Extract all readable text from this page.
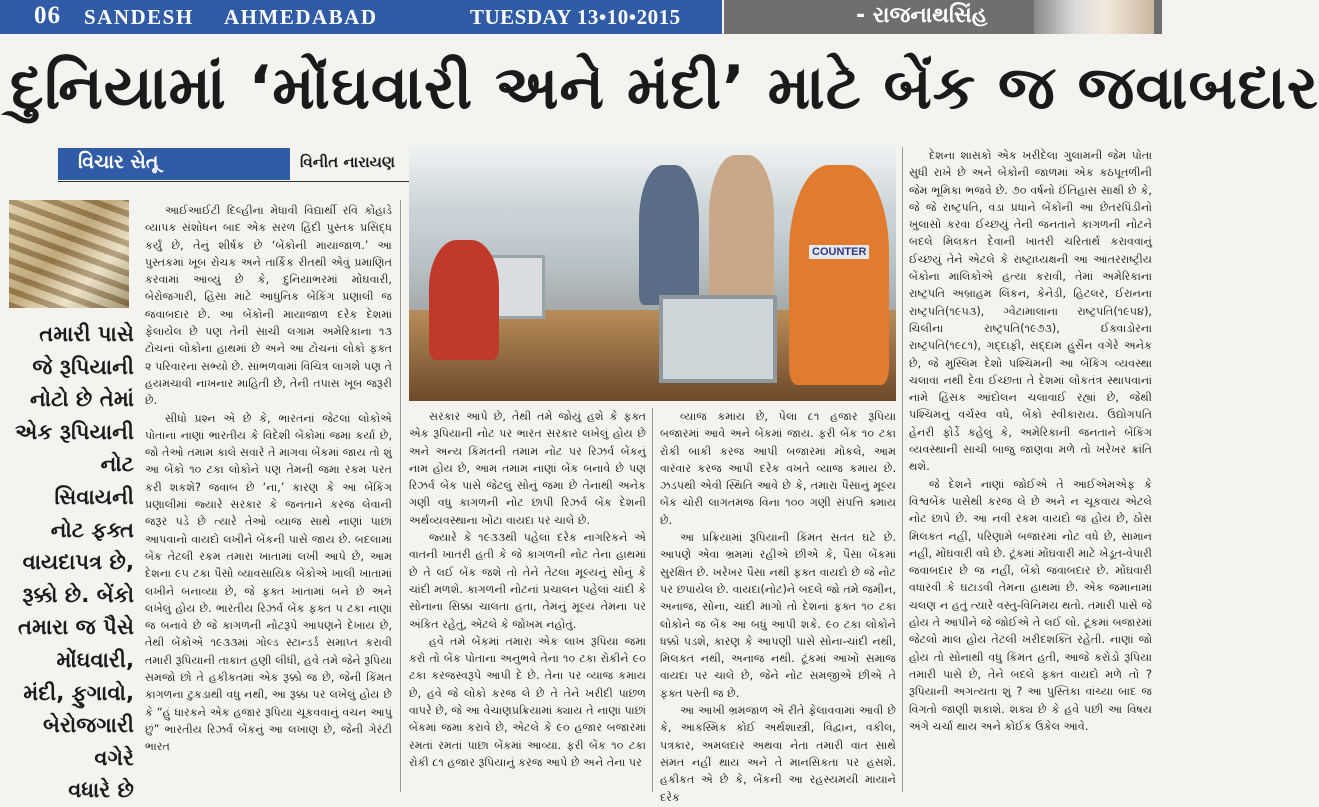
06 SANDESH AHMEDABAD	TUESDAY 13•10•2015	- રાજનાથસિંહ
દુનિયામાં ‘મોંઘવારી અને મંદી’ માટે બેંક જ જવાબદાર
વિચાર સેતૂ	વિનીત નારાયણ
COUNTER
તમારી પાસે
જે રૂપિયાની
નોટો છે તેમાં
એક રૂપિયાની
નોટ
સિવાયની
નોટ ફક્ત
વાયદાપત્ર છે,
રૂક્કો છે. બેંકો
તમારા જ પૈસે
મોંઘવારી,
મંદી, ફુગાવો,
બેરોજગારી
વગેરે
વધારે છે

આઈઆઈટી દિલ્હીના મેધાવી વિદ્યાર્થી રવિ કોહાડે વ્યાપક સંશોધન બાદ એક સરળ હિંદી પુસ્તક પ્રસિદ્ધ કર્યું છે, તેનું શીર્ષક છે ‘બેંકોની માયાજાળ.’ આ પુસ્તકમાં ખૂબ રોચક અને તાર્કિક રીતથી એવું પ્રમાણિત કરવામાં આવ્યું છે કે, દુનિયાભરમાં મોંઘવારી, બેરોજગારી, હિંસા માટે આધુનિક બેંકિંગ પ્રણાલી જ જવાબદાર છે. આ બેંકોની માયાજાળ દરેક દેશમાં ફેલાયેલ છે પણ તેની સાચી લગામ અમેરિકાના ૧૩ ટોચનાં લોકોના હાથમાં છે અને આ ટોચનાં લોકો ફક્ત ૨ પરિવારના સભ્યો છે. સાંભળવામાં વિચિત્ર લાગશે પણ તે હયમચાવી નાખનાર માહિતી છે, તેની તપાસ ખૂબ જરૂરી છે.

સીધો પ્રશ્ન એ છે કે, ભારતનાં જેટલાં લોકોએ પોતાનાં નાણાં ભારતીય કે વિદેશી બેંકોમાં જમા કર્યા છે, જો તેઓ તમામ કાલે સવારે તે માગવા બેંકમાં જાય તો શું આ બેંકો ૧૦ ટકા લોકોને પણ તેમની જમા રકમ પરત કરી શકશે? જવાબ છે ‘ના,’ કારણ કે આ બેંકિંગ પ્રણાલીમાં જ્યારે સરકાર કે જનતાને કરજ લેવાની જરૂર પડે છે ત્યારે તેઓ વ્યાજ સાથે નાણાં પાછાં આપવાનો વાયદો લખીને બેંકની પાસે જાય છે. બદલામાં બેંક તેટલી રકમ તમારા ખાતામાં લખી આપે છે, આમ દેશના ૯૫ ટકા પૈસો વ્યાવસાયિક બેંકોએ ખાલી ખાતામાં લખીને બનાવ્યા છે, જે ફક્ત ખાતામાં બને છે અને લખેલું હોય છે. ભારતીય રિઝર્વ બેંક ફક્ત ૫ ટકા નાણાં જ બનાવે છે જે કાગળની નોટરૂપે આપણને દેખાય છે, તેથી બેંકોએ ૧૯૩૩માં ગોલ્ડ સ્ટાન્ડર્ડ સમાપ્ત કરાવી તમારી રૂપિયાની તાકાત હણી લીધી, હવે તમે જેને રૂપિયા સમજો છો તે હકીકતમાં એક રૂક્કો જ છે, જેની કિંમત કાગળના ટુકડાથી વધુ નથી, આ રૂક્કા પર લખેલું હોય છે કે “હું ધારકને એક હજાર રૂપિયા ચૂકવવાનું વચન આપું છું” ભારતીય રિઝર્વ બેંકનું આ લખાણ છે, જેની ગેરંટી ભારત

સરકાર આપે છે, તેથી તમે જોયું હશે કે ફક્ત એક રૂપિયાની નોટ પર ભારત સરકાર લખેલું હોય છે અને અન્ય કિંમતની તમામ નોટ પર રિઝર્વ બેંકનું નામ હોય છે, આમ તમામ નાણાં બેંક બનાવે છે પણ રિઝર્વ બેંક પાસે જેટલું સોનું જમા છે તેનાથી અનેક ગણી વધુ કાગળની નોટ છાપી રિઝર્વ બેંક દેશની અર્થવ્યવસ્થાના ખોટા વાયદા પર ચાલે છે.

જ્યારે કે ૧૯૩૩થી પહેલાં દરેક નાગરિકને એ વાતની ખાતરી હતી કે જે કાગળની નોટ તેના હાથમાં છે તે લઈ બેંક જશે તો તેને તેટલા મૂલ્યનું સોનું કે ચાંદી મળશે. કાગળની નોટનાં પ્રચાલન પહેલાં ચાંદી કે સોનાના સિક્કા ચાલતા હતા, તેમનું મૂલ્ય તેમના પર અંકિત રહેતું, એટલે કે જોખમ નહોતું.

હવે તમે બેંકમાં તમારા એક લાખ રૂપિયા જમા કરો તો બેંક પોતાના અનુભવે તેના ૧૦ ટકા રોકીને ૯૦ ટકા કરજસ્વરૂપે આપી દે છે. તેના પર વ્યાજ કમાય છે, હવે જે લોકો કરજ લે છે તે તેને ખરીદી પાછળ વાપરે છે, જે આ વેચાણપ્રક્રિયામાં ક્યાય તે નાણાં પાછાં બેંકમાં જમા કરાવે છે, એટલે કે ૯૦ હજાર બજારમાં રમતાં રમતાં પાછા બેંકમાં આવ્યા. ફરી બેંક ૧૦ ટકા રોકી ૮૧ હજાર રૂપિયાનું કરજ આપે છે અને તેના પર

વ્યાજ કમાય છે, પેલા ૮૧ હજાર રૂપિયા બજારમાં આવે અને બેંકમાં જાય. ફરી બેંક ૧૦ ટકા રોકી બાકી કરજ આપી બજારમાં મોકલે, આમ વારંવાર કરજ આપી દરેક વખતે વ્યાજ કમાય છે. ઝડપથી એવી સ્થિતિ આવે છે કે, તમારા પૈસાનું મૂલ્ય બેંક ચોરી લાગતમજ વિના ૧૦૦ ગણી સંપત્તિ ક્માય છે.

આ પ્રક્રિયામાં રૂપિયાની કિંમત સતત ઘટે છે. આપણે એવા ભ્રમમાં રહીએ છીએ કે, પૈસા બેંકમાં સુરક્ષિત છે. ખરેખર પૈસા નથી ફક્ત વાયદો છે જે નોટ પર છપાયેલ છે. વાયદા(નોટ)ને બદલે જો તમે જમીન, અનાજ, સોના, ચાંદી માગો તો દેશનાં ફક્ત ૧૦ ટકા લોકોને જ બેંક આ બધું આપી શકે. ૯૦ ટકા લોકોને ધક્કો પડશે, કારણ કે આપણી પાસે સોના-ચાંદી નથી, મિલકત નથી, અનાજ નથી. ટૂંકમાં આખો સમાજ વાયદા પર ચાલે છે, જેને નોટ સમજીએ છીએ તે ફક્ત પસ્તી જ છે.

આ આખી ભ્રમજાળ એ રીતે ફેલાવવામાં આવી છે કે, આકસ્મિક કોઈ અર્થશાસ્ત્રી, વિદ્વાન, વકીલ, પત્રકાર, અમલદાર અથવા નેતા તમારી વાત સાથે સંમત નહીં થાય અને તે માનસિકતા પર હસશે. હકીકત એ છે કે, બેંકની આ રહસ્યમયી માયાને દરેક

દેશના શાસકો એક ખરીદેલા ગુલામની જેમ પોતા સુધી રાખે છે અને બેંકોની જાળમાં એક કઠપૂતળીની જેમ ભૂમિકા ભજવે છે. ૭૦ વર્ષનો ઈતિહાસ સાક્ષી છે કે, જે જે રાષ્ટ્રપતિ, વડા પ્રધાને બેંકોની આ છેતરપિંડીનો ખુલાસો કરવા ઈચ્છયું તેની જનતાને કાગળની નોટને બદલે મિલકત દેવાની ખાતરી ચરિતાર્થ કરાવવાનું ઈચ્છયું તેને એટલે કે રાષ્ટ્રાધ્યક્ષની આ આંતરરાષ્ટ્રીય બેંકોના માલિકોએ હત્યા કરાવી, તેમાં અમેરિકાના રાષ્ટ્રપતિ અબ્રાહમ લિંકન, કેનેડી, હિટલર, ઈરાનના રાષ્ટ્રપતિ(૧૯૫૩), ગ્વેટામાલાના રાષ્ટ્રપતિ(૧૯૫૪), ચિલીના રાષ્ટ્રપતિ(૧૯૭૩), ઈક્વાડોરના રાષ્ટ્રપતિ(૧૯૮૧), ગદ્દાફી, સદ્દામ હુસૈન વગેરે અનેક છે, જે મુસ્લિમ દેશો પશ્ચિમની આ બેંકિંગ વ્યવસ્થા ચલાવા નથી દેવા ઈચ્છતા તે દેશમાં લોકતંત્ર સ્થાપવાનાં નામે હિંસક આંદોલન ચલાવાઈ રહ્યાં છે, જેથી પશ્ચિમનું વર્ચસ્વ વધે, બેંકો સ્વીકારાય. ઉદ્યોગપતિ હેનરી ફોર્ડે કહેલું કે, અમેરિકાની જનતાને બેંકિંગ વ્યવસ્થાની સાચી બાજુ જાણવા મળે તો ખરેખર ક્રાંતિ થશે.

જે દેશને નાણાં જોઈએ તે આઈએમએફ કે વિશ્વબેંક પાસેથી કરજ લે છે અને ન ચૂકવાય એટલે નોટ છાપે છે. આ નવી રકમ વાયદો જ હોય છે, ઠોસ મિલકત નહીં, પરિણામે બજારમાં નોટ વધે છે, સામાન નહીં, મોંઘવારી વધે છે. ટૂંકમાં મોંઘવારી માટે ખેડૂત-વેપારી જવાબદાર છે જ નહીં, બેંકો જવાબદાર છે. મોંઘવારી વધારવી કે ઘટાડવી તેમના હાથમાં છે. એક જમાનામાં ચલણ ન હતું ત્યારે વસ્તુ-વિનિમય થતો. તમારી પાસે જે હોય તે આપીને જે જોઈએ તે લઈ લો. ટૂંકમાં બજારમાં જેટલો માલ હોય તેટલી ખરીદશક્તિ રહેતી. નાણાં જો હોય તો સોનાથી વધુ કિંમત હતી, આજે કરોડો રૂપિયા તમારી પાસે છે, તેને બદલે ફક્ત વાયદો મળે તો ? રૂપિયાની અગત્યતા શું ? આ પુસ્તિકા વાંચ્યા બાદ જ વિગતો જાણી શકાશે. શક્ય છે કે હવે પછી આ વિષય અંગે ચર્ચા થાય અને કોઈક ઉકેલ આવે.
